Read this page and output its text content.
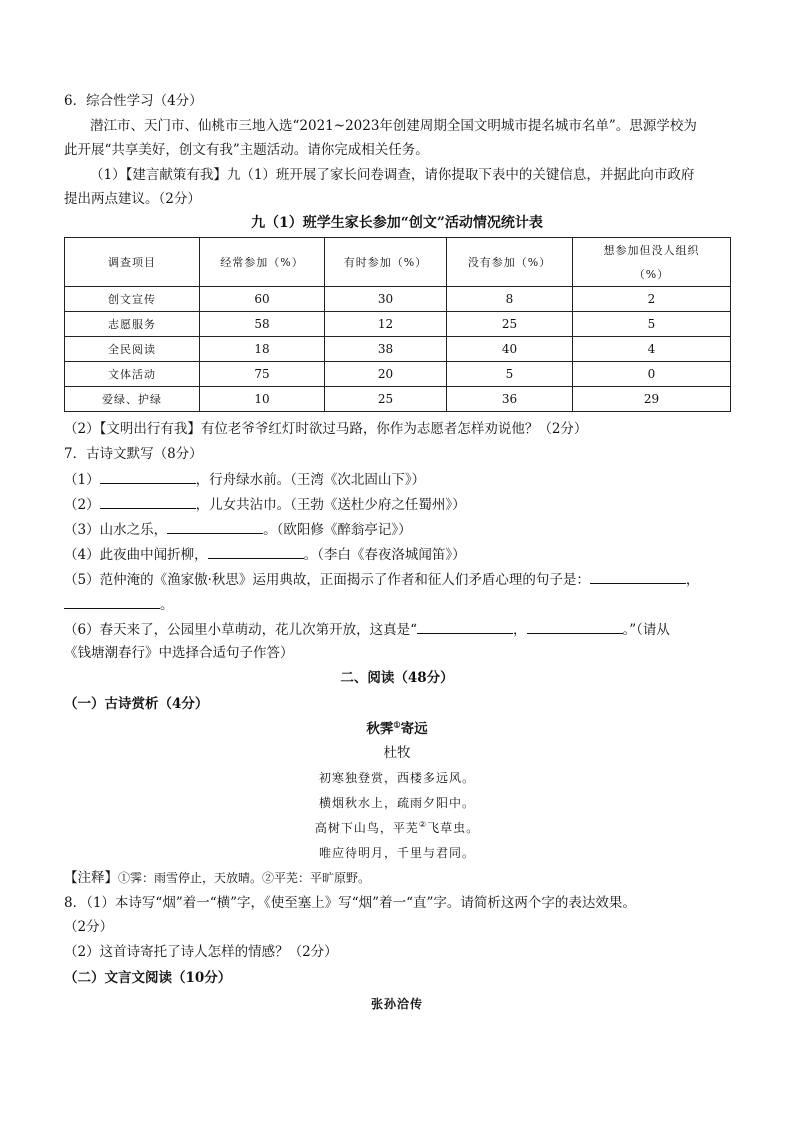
6．综合性学习（4分）
潜江市、天门市、仙桃市三地入选“2021~2023年创建周期全国文明城市提名城市名单”。思源学校为
此开展“共享美好，创文有我”主题活动。请你完成相关任务。
（1）【建言献策有我】九（1）班开展了家长问卷调查，请你提取下表中的关键信息，并据此向市政府
提出两点建议。（2分）
九（1）班学生家长参加“创文”活动情况统计表
调查项目	经常参加（%）	有时参加（%）	没有参加（%）	想参加但没人组织
（%）

创文宣传	60	30	8	2
志愿服务	58	12	25	5
全民阅读	18	38	40	4
文体活动	75	20	5	0
爱绿、护绿	10	25	36	29
（2）【文明出行有我】有位老爷爷红灯时欲过马路，你作为志愿者怎样劝说他？（2分）
7．古诗文默写（8分）
（1）	，行舟绿水前。（王湾《次北固山下》）
（2）	，儿女共沾巾。（王勃《送杜少府之任蜀州》）
（3）山水之乐，	。（欧阳修《醉翁亭记》）
（4）此夜曲中闻折柳，	。（李白《春夜洛城闻笛》）
（5）范仲淹的《渔家傲·秋思》运用典故，正面揭示了作者和征人们矛盾心理的句子是：	，
。
（6）春天来了，公园里小草萌动，花儿次第开放，这真是“	，	。”（请从
《钱塘潮春行》中选择合适句子作答）
二、阅读（48分）
（一）古诗赏析（4分）
秋霁①寄远
杜牧
初寒独登赏，西楼多远风。
横烟秋水上，疏雨夕阳中。
高树下山鸟，平芜②飞草虫。
唯应待明月，千里与君同。
【注释】①霁：雨雪停止，天放晴。②平芜：平旷原野。
8．（1）本诗写“烟”着一“横”字，《使至塞上》写“烟”着一“直”字。请简析这两个字的表达效果。
（2分）
（2）这首诗寄托了诗人怎样的情感？（2分）
（二）文言文阅读（10分）
张孙洽传
